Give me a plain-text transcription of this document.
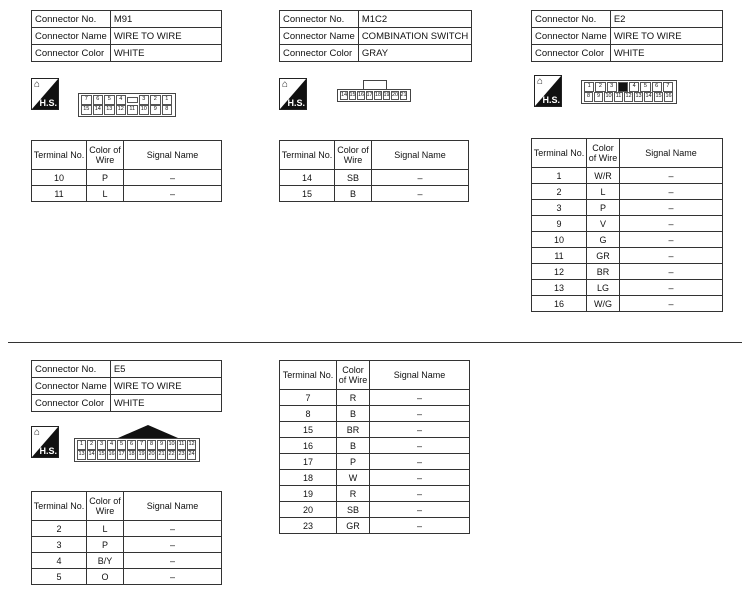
Connector No.	M91
Connector Name	WIRE TO WIRE
Connector Color	WHITE
⌂
H.S.	7	6	5	4	3	2	1
15 14 13 12	11	10	9	8
Terminal No.	Color of Wire	Signal Name
10	P	–
11	L	–
Connector No.	M1C2
Connector Name	COMBINATION SWITCH
Connector Color	GRAY
⌂
H.S.
14 15 16 17 18 19 20 21
Terminal No.	Color of Wire	Signal Name
14	SB	–
15	B	–
Connector No.	E2
Connector Name	WIRE TO WIRE
Connector Color	WHITE
⌂
H.S.
1	2	3	4	5	6	7
8	9 10 11 12 13 14 15 16
Terminal No.	Color of Wire	Signal Name
1	W/R	–
2	L	–
3	P	–
9	V	–
10	G	–
11	GR	–
12	BR	–
13	LG	–
16	W/G	–
Connector No.	E5
Connector Name	WIRE TO WIRE
Connector Color	WHITE
⌂
H.S.
1	2	3	4	5	6	7	8	9 10 11 12
13 14 15 16 17 18 19 20 21 22 23 24
Terminal No.	Color of Wire	Signal Name
2	L	–
3	P	–
4	B/Y	–
5	O	–
Terminal No.	Color of Wire	Signal Name
7	R	–
8	B	–
15	BR	–
16	B	–
17	P	–
18	W	–
19	R	–
20	SB	–
23	GR	–
